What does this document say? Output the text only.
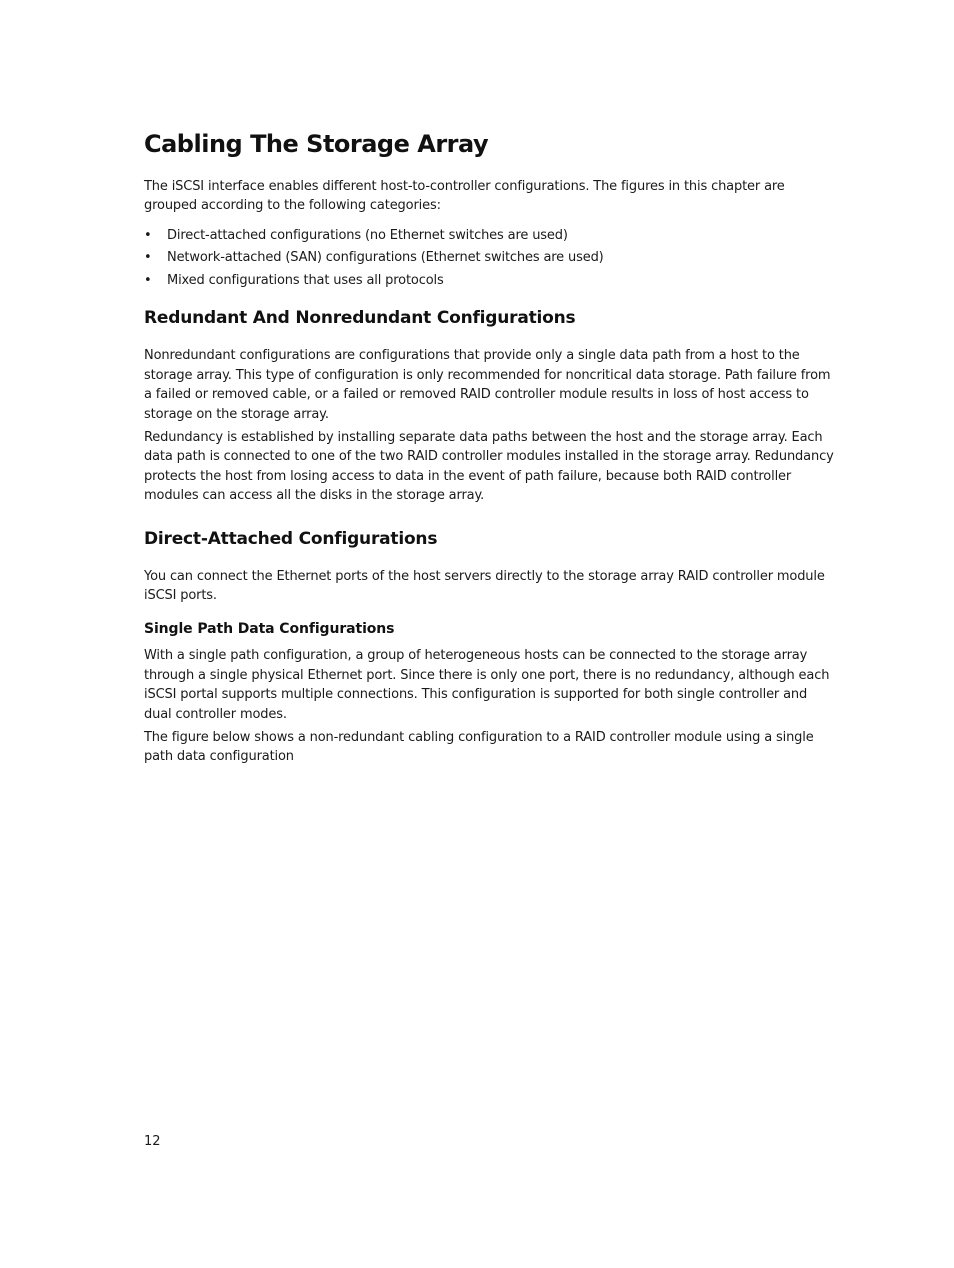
Cabling The Storage Array

The iSCSI interface enables different host-to-controller configurations. The figures in this chapter are grouped according to the following categories:

• Direct-attached configurations (no Ethernet switches are used)
• Network-attached (SAN) configurations (Ethernet switches are used)
• Mixed configurations that uses all protocols
Redundant And Nonredundant Configurations

Nonredundant configurations are configurations that provide only a single data path from a host to the storage array. This type of configuration is only recommended for noncritical data storage. Path failure from a failed or removed cable, or a failed or removed RAID controller module results in loss of host access to storage on the storage array.

Redundancy is established by installing separate data paths between the host and the storage array. Each data path is connected to one of the two RAID controller modules installed in the storage array. Redundancy protects the host from losing access to data in the event of path failure, because both RAID controller modules can access all the disks in the storage array.

Direct-Attached Configurations

You can connect the Ethernet ports of the host servers directly to the storage array RAID controller module iSCSI ports.

Single Path Data Configurations

With a single path configuration, a group of heterogeneous hosts can be connected to the storage array through a single physical Ethernet port. Since there is only one port, there is no redundancy, although each iSCSI portal supports multiple connections. This configuration is supported for both single controller and dual controller modes.

The figure below shows a non-redundant cabling configuration to a RAID controller module using a single path data configuration

12
